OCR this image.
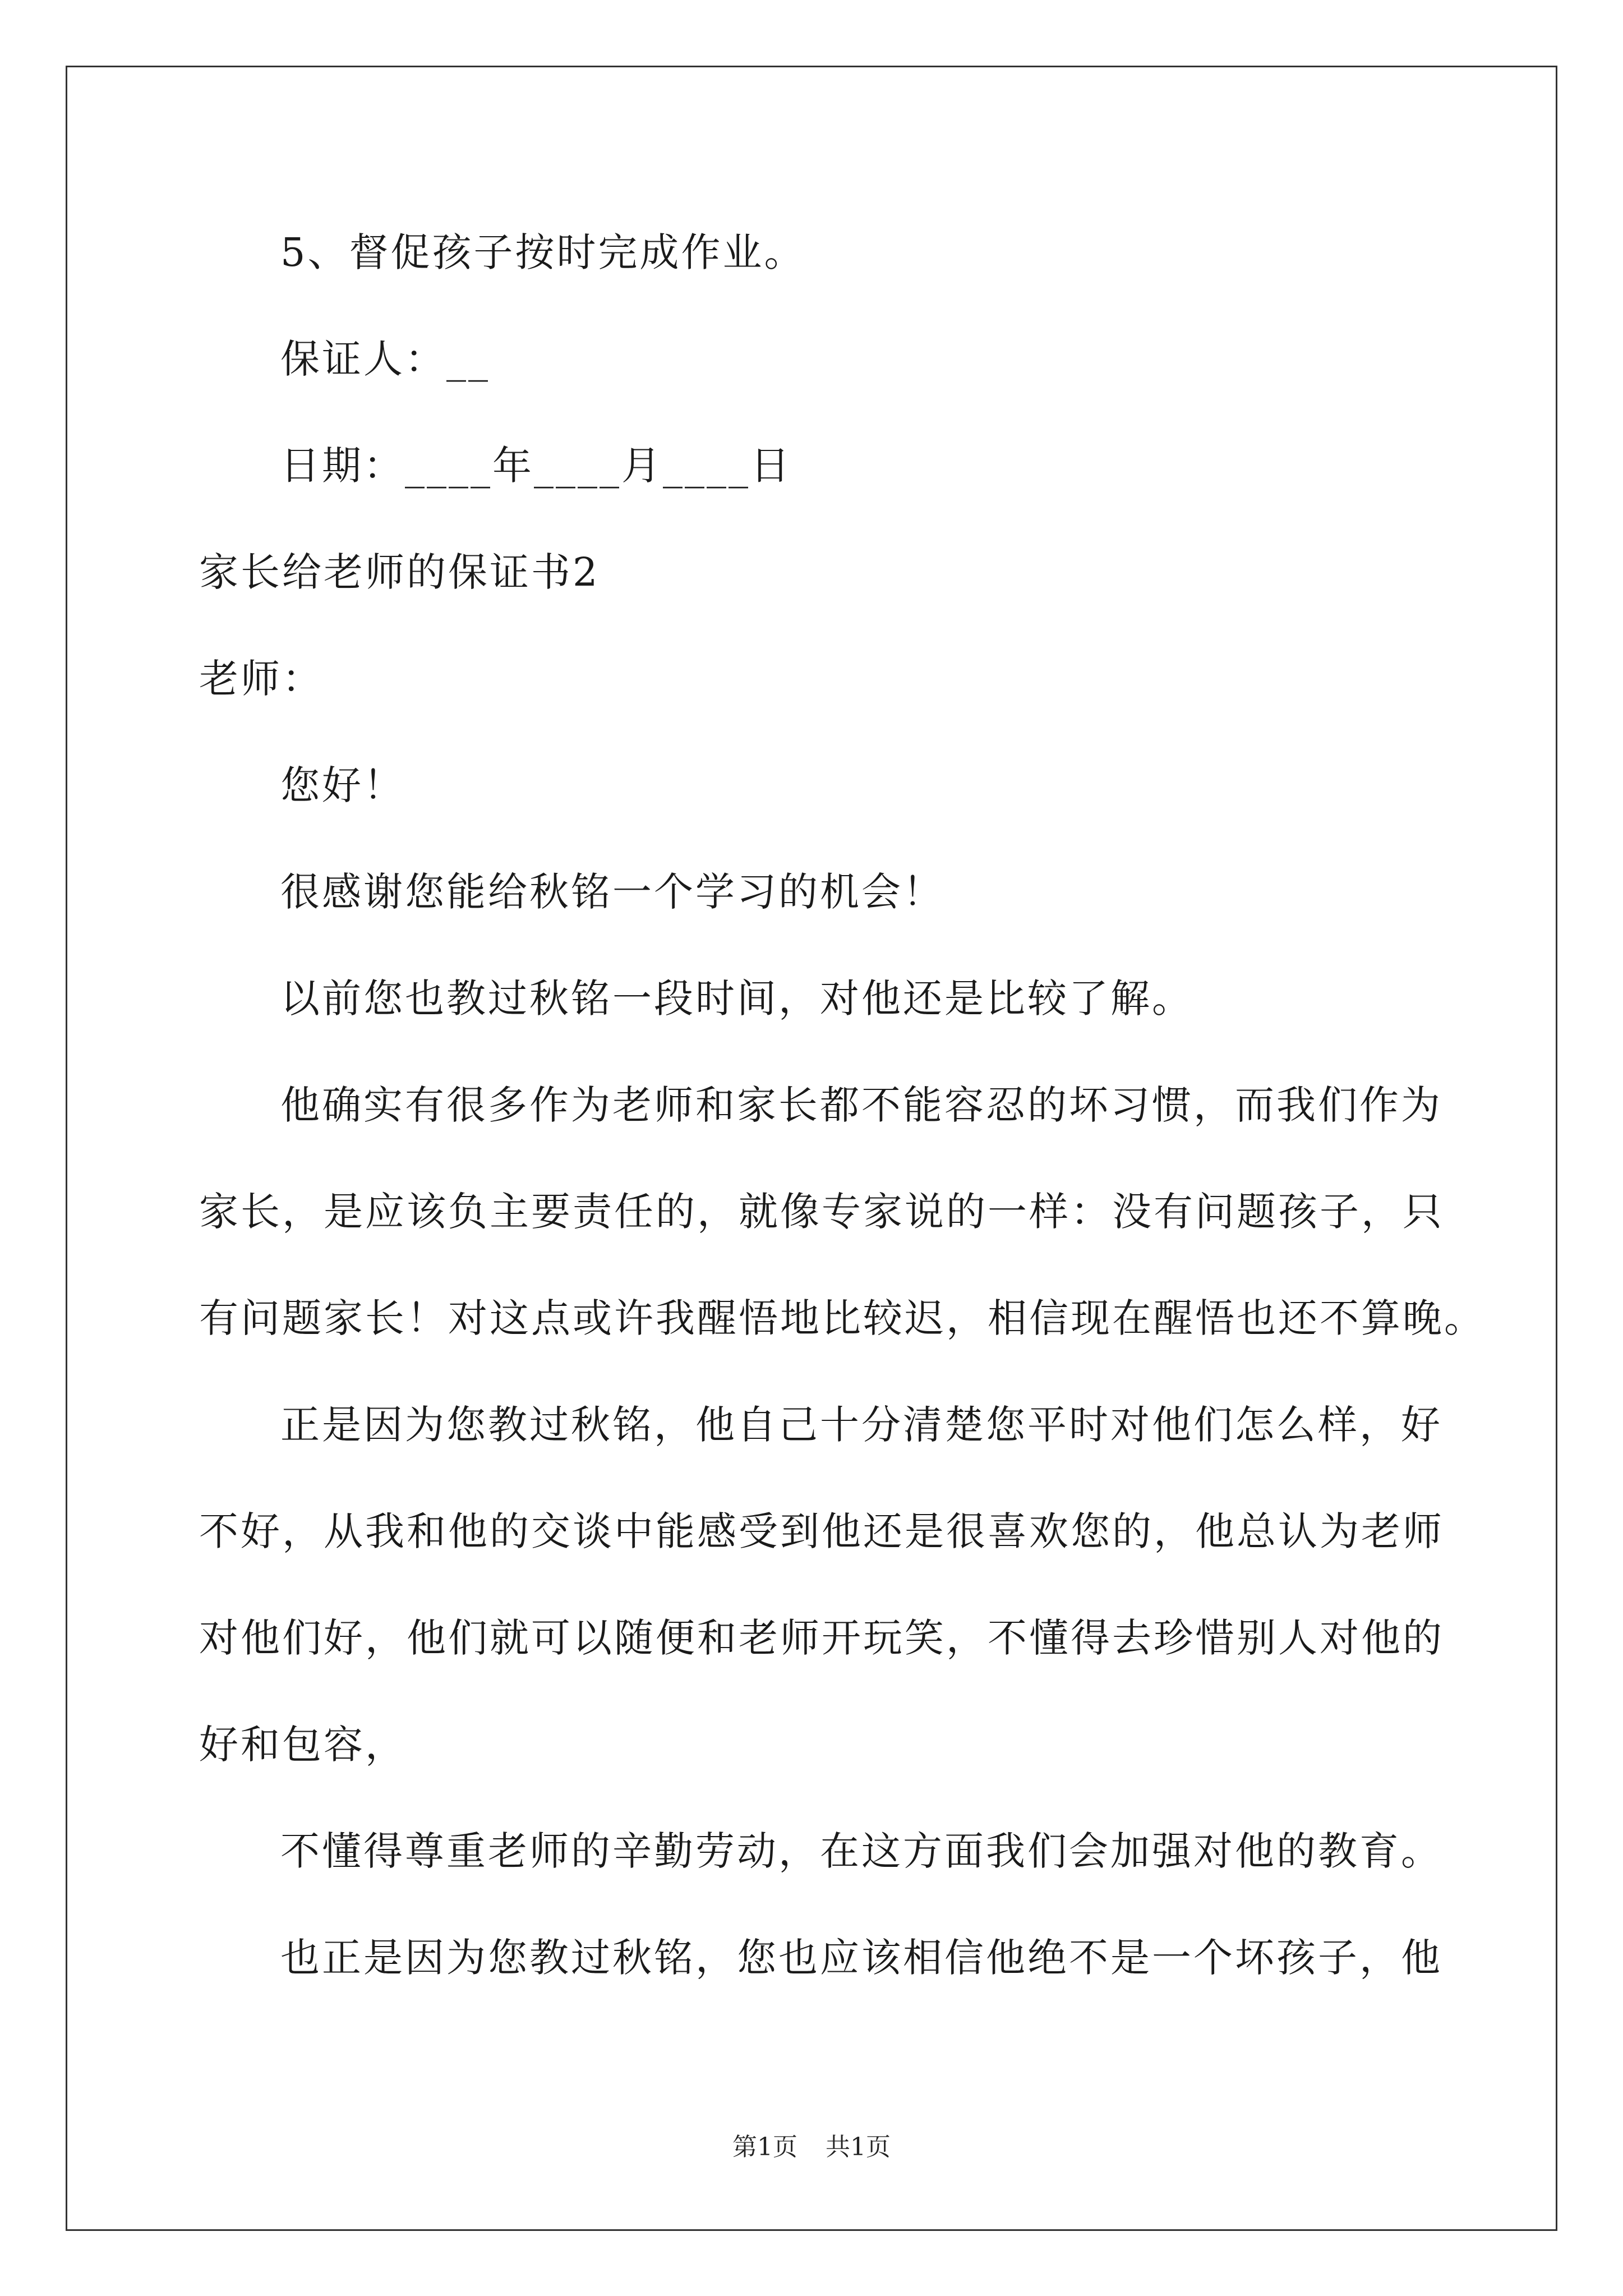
5、督促孩子按时完成作业。
保证人：__
日期：____年____月____日
家长给老师的保证书2
老师：
您好！
很感谢您能给秋铭一个学习的机会！
以前您也教过秋铭一段时间，对他还是比较了解。
他确实有很多作为老师和家长都不能容忍的坏习惯，而我们作为
家长，是应该负主要责任的，就像专家说的一样：没有问题孩子，只
有问题家长！对这点或许我醒悟地比较迟，相信现在醒悟也还不算晚。
正是因为您教过秋铭，他自己十分清楚您平时对他们怎么样，好
不好，从我和他的交谈中能感受到他还是很喜欢您的，他总认为老师
对他们好，他们就可以随便和老师开玩笑，不懂得去珍惜别人对他的
好和包容，
不懂得尊重老师的辛勤劳动，在这方面我们会加强对他的教育。
也正是因为您教过秋铭，您也应该相信他绝不是一个坏孩子，他
第1页 共1页
